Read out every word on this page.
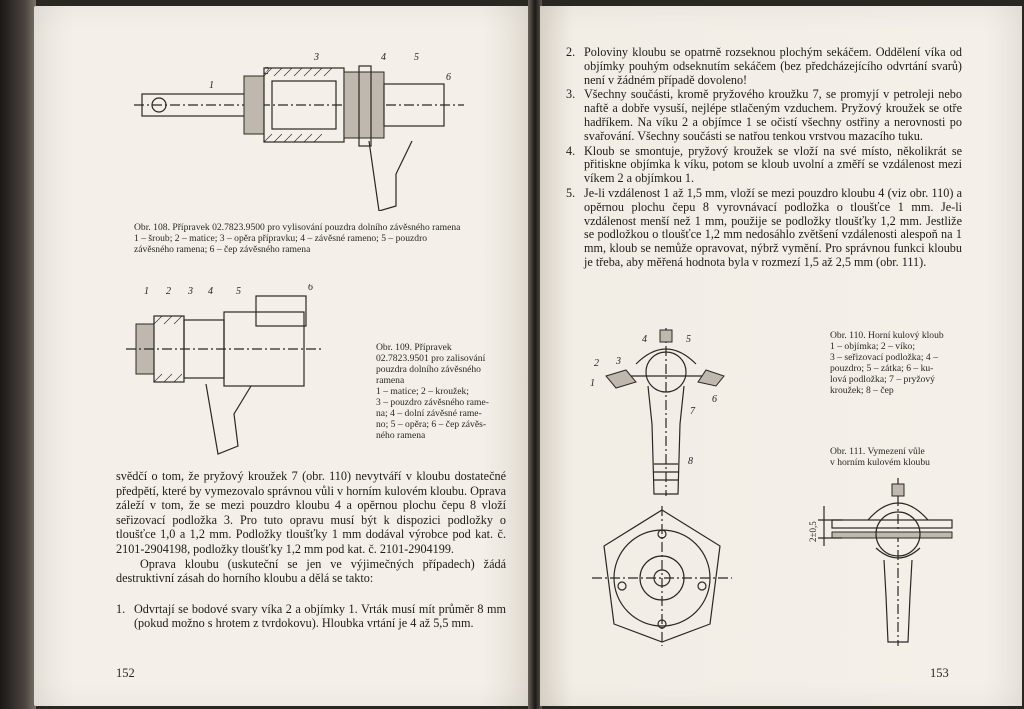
1
2
3	4	5
6
Obr. 108. Přípravek 02.7823.9500 pro vylisování pouzdra dolního závěsného ramena
1 – šroub; 2 – matice; 3 – opěra přípravku; 4 – závěsné rameno; 5 – pouzdro
závěsného ramena; 6 – čep závěsného ramena
1 2 3 4 5	6
Obr. 109. Přípravek
02.7823.9501 pro zalisování
pouzdra dolního závěsného
ramena
1 – matice; 2 – kroužek;
3 – pouzdro závěsného rame-
na; 4 – dolní závěsné rame-
no; 5 – opěra; 6 – čep závěs-
ného ramena

svědčí o tom, že pryžový kroužek 7 (obr. 110) nevytváří v kloubu dostatečné předpětí, které by vymezovalo správnou vůli v horním kulovém kloubu. Oprava záleží v tom, že se mezi pouzdro kloubu 4 a opěrnou plochu čepu 8 vloží seřizovací podložka 3. Pro tuto opravu musí být k dispozici podložky o tloušťce 1,0 a 1,2 mm. Podložky tloušťky 1 mm dodával výrobce pod kat. č. 2101-2904198, podložky tloušťky 1,2 mm pod kat. č. 2101-2904199.

Oprava kloubu (uskuteční se jen ve výjimečných případech) žádá destruktivní zásah do horního kloubu a dělá se takto:

1. Odvrtají se bodové svary víka 2 a objímky 1. Vrták musí mít průměr 8 mm (pokud možno s hrotem z tvrdokovu). Hloubka vrtání je 4 až 5,5 mm.
152
2. Poloviny kloubu se opatrně rozseknou plochým sekáčem. Oddělení víka od objímky pouhým odseknutím sekáčem (bez předcházejícího odvrtání svarů) není v žádném případě dovoleno!
3. Všechny součásti, kromě pryžového kroužku 7, se promyjí v petroleji nebo naftě a dobře vysuší, nejlépe stlačeným vzduchem. Pryžový kroužek se otře hadříkem. Na víku 2 a objímce 1 se očistí všechny ostřiny a nerovnosti po svařování. Všechny součásti se natřou tenkou vrstvou mazacího tuku.
4. Kloub se smontuje, pryžový kroužek se vloží na své místo, několikrát se přitiskne objímka k víku, potom se kloub uvolní a změří se vzdálenost mezi víkem 2 a objímkou 1.
5. Je-li vzdálenost 1 až 1,5 mm, vloží se mezi pouzdro kloubu 4 (viz obr. 110) a opěrnou plochu čepu 8 vyrovnávací podložka o tloušťce 1 mm. Je-li vzdálenost menší než 1 mm, použije se podložky tloušťky 1,2 mm. Jestliže se podložkou o tloušťce 1,2 mm nedosáhlo zvětšení vzdálenosti alespoň na 1 mm, kloub se nemůže opravovat, nýbrž vymění. Pro správnou funkci kloubu je třeba, aby měřená hodnota byla v rozmezí 1,5 až 2,5 mm (obr. 111).
1
2 3
4	5
6
7
8
Obr. 110. Horní kulový kloub
1 – objímka; 2 – víko;
3 – seřizovací podložka; 4 –
pouzdro; 5 – zátka; 6 – ku-
lová podložka; 7 – pryžový
kroužek; 8 – čep
Obr. 111. Vymezení vůle
v horním kulovém kloubu
2±0,5
153
